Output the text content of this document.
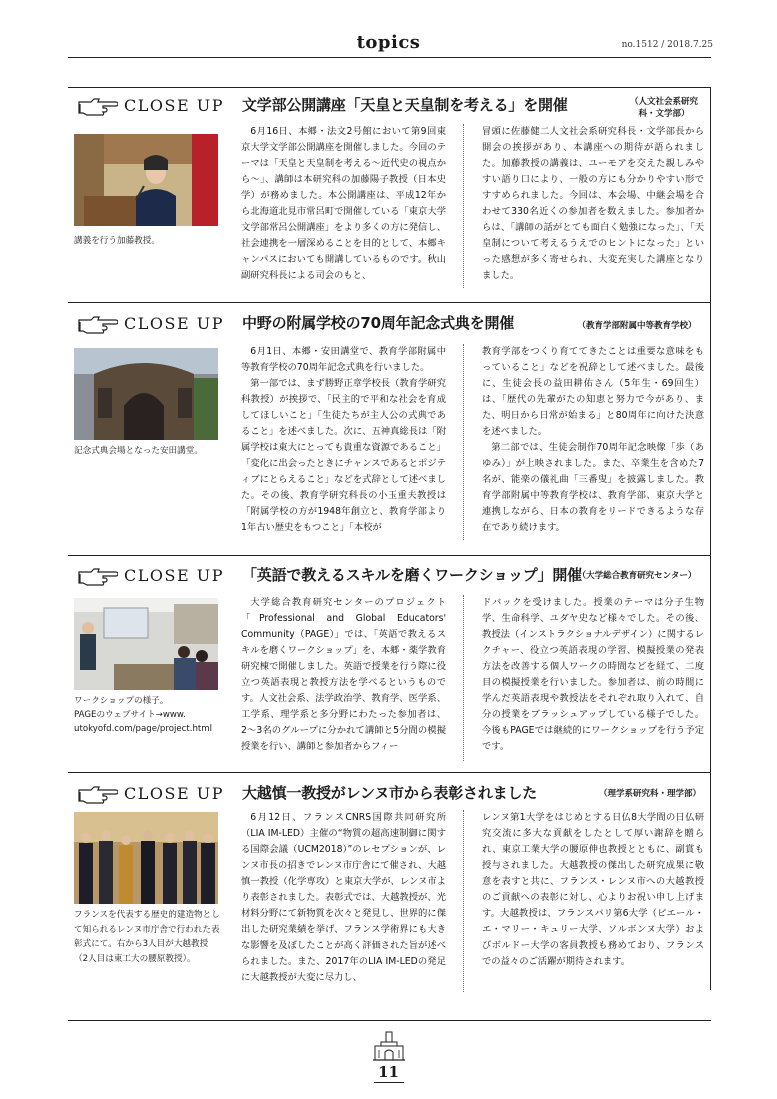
topics	no.1512 / 2018.7.25
CLOSE UP 文学部公開講座「天皇と天皇制を考える」を開催	（人文社会系研究
科・文学部）
講義を行う加藤教授。

6月16日、本郷・法文2号館において第9回東京大学文学部公開講座を開催しました。今回のテーマは「天皇と天皇制を考える〜近代史の視点から〜」、講師は本研究科の加藤陽子教授（日本史学）が務めました。本公開講座は、平成12年から北海道北見市常呂町で開催している「東京大学文学部常呂公開講座」をより多くの方に発信し、社会連携を一層深めることを目的として、本郷キャンパスにおいても開講しているものです。秋山副研究科長による司会のもと、

冒頭に佐藤健二人文社会系研究科長・文学部長から開会の挨拶があり、本講座への期待が語られました。加藤教授の講義は、ユーモアを交えた親しみやすい語り口により、一般の方にも分かりやすい形ですすめられました。今回は、本会場、中継会場を合わせて330名近くの参加者を数えました。参加者からは、「講師の話がとても面白く勉強になった」、「天皇制について考えるうえでのヒントになった」といった感想が多く寄せられ、大変充実した講座となりました。

CLOSE UP 中野の附属学校の70周年記念式典を開催	（教育学部附属中等教育学校）
記念式典会場となった安田講堂。

6月1日、本郷・安田講堂で、教育学部附属中等教育学校の70周年記念式典を行いました。

第一部では、まず勝野正章学校長（教育学研究科教授）が挨拶で、「民主的で平和な社会を育成してほしいこと」「生徒たちが主人公の式典であること」を述べました。次に、五神真総長は「附属学校は東大にとっても貴重な資源であること」「変化に出会ったときにチャンスであるとポジティブにとらえること」などを式辞として述べました。その後、教育学研究科長の小玉重夫教授は「附属学校の方が1948年創立と、教育学部より1年古い歴史をもつこと」「本校が

教育学部をつくり育ててきたことは重要な意味をもっていること」などを祝辞として述べました。最後に、生徒会長の益田耕佑さん（5年生・69回生）は、「歴代の先輩がたの知恵と努力で今があり、また、明日から日常が始まる」と80周年に向けた決意を述べました。

第二部では、生徒会制作70周年記念映像「歩（あゆみ）」が上映されました。また、卒業生を含めた7名が、能楽の儀礼曲「三番叟」を披露しました。教育学部附属中等教育学校は、教育学部、東京大学と連携しながら、日本の教育をリードできるような存在であり続けます。

CLOSE UP 「英語で教えるスキルを磨くワークショップ」開催
（大学総合教育研究センター）
ワークショップの様子。
PAGEのウェブサイト→www.
utokyofd.com/page/project.html

大学総合教育研究センターのプロジェクト「Professional and Global Educators' Community（PAGE）」では、「英語で教えるスキルを磨くワークショップ」を、本郷・薬学教育研究棟で開催しました。英語で授業を行う際に役立つ英語表現と教授方法を学べるというものです。人文社会系、法学政治学、教育学、医学系、工学系、理学系と多分野にわたった参加者は、2〜3名のグループに分かれて講師と5分間の模擬授業を行い、講師と参加者からフィー

ドバックを受けました。授業のテーマは分子生物学、生命科学、ユダヤ史など様々でした。その後、教授法（インストラクショナルデザイン）に関するレクチャー、役立つ英語表現の学習、模擬授業の発表方法を改善する個人ワークの時間などを経て、二度目の模擬授業を行いました。参加者は、前の時間に学んだ英語表現や教授法をそれぞれ取り入れて、自分の授業をブラッシュアップしている様子でした。今後もPAGEでは継続的にワークショップを行う予定です。

CLOSE UP 大越慎一教授がレンヌ市から表彰されました	（理学系研究科・理学部）
フランスを代表する歴史的建造物として知られるレンヌ市庁舎で行われた表彰式にて。右から3人目が大越教授（2人目は東工大の腰原教授）。

6月12日、フランスCNRS国際共同研究所（LIA IM-LED）主催の“物質の超高速制御に関する国際会議（UCM2018）”のレセプションが、レンヌ市長の招きでレンヌ市庁舎にて催され、大越慎一教授（化学専攻）と東京大学が、レンヌ市より表彰されました。表彰式では、大越教授が、光材料分野にて新物質を次々と発見し、世界的に傑出した研究業績を挙げ、フランス学術界にも大きな影響を及ぼしたことが高く評価された旨が述べられました。また、2017年のLIA IM-LEDの発足に大越教授が大変に尽力し、

レンヌ第1大学をはじめとする日仏8大学間の日仏研究交流に多大な貢献をしたとして厚い謝辞を贈られ、東京工業大学の腰原伸也教授とともに、副賞も授与されました。大越教授の傑出した研究成果に敬意を表すと共に、フランス・レンヌ市への大越教授のご貢献への表彰に対し、心よりお祝い申し上げます。大越教授は、フランスパリ第6大学（ピエール・エ・マリー・キュリー大学、ソルボンヌ大学）およびボルドー大学の客員教授も務めており、フランスでの益々のご活躍が期待されます。

11
